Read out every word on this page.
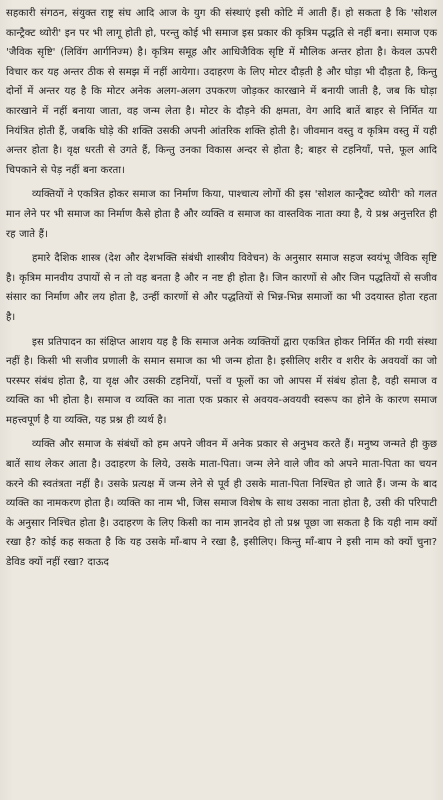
सहकारी संगठन, संयुक्त राष्ट्र संघ आदि आज के युग की संस्थाएं इसी कोटि में आती हैं। हो सकता है कि 'सोशल कान्ट्रैक्ट थ्योरी' इन पर भी लागू होती हो, परन्तु कोई भी समाज इस प्रकार की कृत्रिम पद्धति से नहीं बना। समाज एक 'जैविक सृष्टि' (लिविंग आर्गनिज्म) है। कृत्रिम समूह और आधिजैविक सृष्टि में मौलिक अन्तर होता है। केवल ऊपरी विचार कर यह अन्तर ठीक से समझ में नहीं आयेगा। उदाहरण के लिए मोटर दौड़ती है और घोड़ा भी दौड़ता है, किन्तु दोनों में अन्तर यह है कि मोटर अनेक अलग-अलग उपकरण जोड़कर कारखाने में बनायी जाती है, जब कि घोड़ा कारखाने में नहीं बनाया जाता, वह जन्म लेता है। मोटर के दौड़ने की क्षमता, वेग आदि बातें बाहर से निर्मित या नियंत्रित होती हैं, जबकि घोड़े की शक्ति उसकी अपनी आंतरिक शक्ति होती है। जीवमान वस्तु व कृत्रिम वस्तु में यही अन्तर होता है। वृक्ष धरती से उगते हैं, किन्तु उनका विकास अन्दर से होता है; बाहर से टहनियाँ, पत्ते, फूल आदि चिपकाने से पेड़ नहीं बना करता।

व्यक्तियों ने एकत्रित होकर समाज का निर्माण किया, पाश्चात्य लोगों की इस 'सोशल कान्ट्रैक्ट थ्योरी' को गलत मान लेने पर भी समाज का निर्माण कैसे होता है और व्यक्ति व समाज का वास्तविक नाता क्या है, ये प्रश्न अनुत्तरित ही रह जाते हैं।

हमारे दैशिक शास्त्र (देश और देशभक्ति संबंधी शास्त्रीय विवेचन) के अनुसार समाज सहज स्वयंभू जैविक सृष्टि है। कृत्रिम मानवीय उपायों से न तो वह बनता है और न नष्ट ही होता है। जिन कारणों से और जिन पद्धतियों से सजीव संसार का निर्माण और लय होता है, उन्हीं कारणों से और पद्धतियों से भिन्न-भिन्न समाजों का भी उदयास्त होता रहता है।

इस प्रतिपादन का संक्षिप्त आशय यह है कि समाज अनेक व्यक्तियों द्वारा एकत्रित होकर निर्मित की गयी संस्था नहीं है। किसी भी सजीव प्रणाली के समान समाज का भी जन्म होता है। इसीलिए शरीर व शरीर के अवयवों का जो परस्पर संबंध होता है, या वृक्ष और उसकी टहनियों, पत्तों व फूलों का जो आपस में संबंध होता है, वही समाज व व्यक्ति का भी होता है। समाज व व्यक्ति का नाता एक प्रकार से अवयव-अवयवी स्वरूप का होने के कारण समाज महत्त्वपूर्ण है या व्यक्ति, यह प्रश्न ही व्यर्थ है।

व्यक्ति और समाज के संबंधों को हम अपने जीवन में अनेक प्रकार से अनुभव करते हैं। मनुष्य जन्मते ही कुछ बातें साथ लेकर आता है। उदाहरण के लिये, उसके माता-पिता। जन्म लेने वाले जीव को अपने माता-पिता का चयन करने की स्वतंत्रता नहीं है। उसके प्रत्यक्ष में जन्म लेने से पूर्व ही उसके माता-पिता निश्चित हो जाते हैं। जन्म के बाद व्यक्ति का नामकरण होता है। व्यक्ति का नाम भी, जिस समाज विशेष के साथ उसका नाता होता है, उसी की परिपाटी के अनुसार निश्चित होता है। उदाहरण के लिए किसी का नाम ज्ञानदेव हो तो प्रश्न पूछा जा सकता है कि यही नाम क्यों रखा है? कोई कह सकता है कि यह उसके माँ-बाप ने रखा है, इसीलिए। किन्तु माँ-बाप ने इसी नाम को क्यों चुना? डेविड क्यों नहीं रखा? दाऊद
